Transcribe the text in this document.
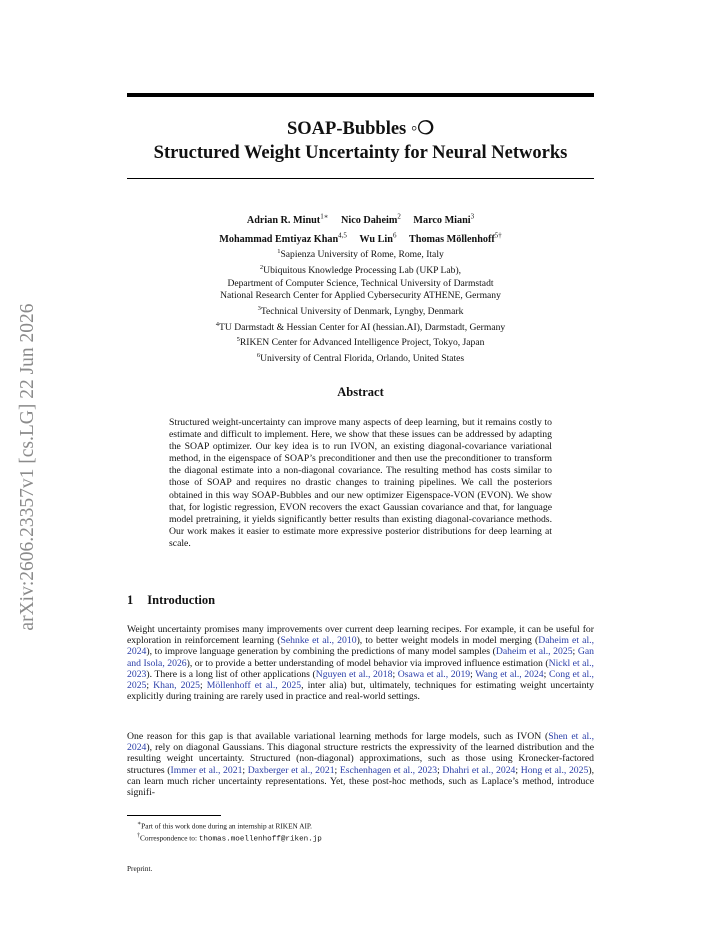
arXiv:2606.23357v1 [cs.LG] 22 Jun 2026
SOAP-Bubbles ◦❍
Structured Weight Uncertainty for Neural Networks
Adrian R. Minut$^{1∗}$ Nico Daheim$^2$ Marco Miani$^3$
Mohammad Emtiyaz Khan$^{4,5}$ Wu Lin$^6$ Thomas Möllenhoff$^{5\dagger}$
$^1$Sapienza University of Rome, Rome, Italy
$^2$Ubiquitous Knowledge Processing Lab (UKP Lab),
Department of Computer Science, Technical University of Darmstadt
National Research Center for Applied Cybersecurity ATHENE, Germany
$^3$Technical University of Denmark, Lyngby, Denmark
$^4$TU Darmstadt & Hessian Center for AI (hessian.AI), Darmstadt, Germany
$^5$RIKEN Center for Advanced Intelligence Project, Tokyo, Japan
$^6$University of Central Florida, Orlando, United States
Abstract
Structured weight-uncertainty can improve many aspects of deep learning, but it remains costly to estimate and difficult to implement. Here, we show that these issues can be addressed by adapting the SOAP optimizer. Our key idea is to run IVON, an existing diagonal-covariance variational method, in the eigenspace of SOAP’s preconditioner and then use the preconditioner to transform the diagonal estimate into a non-diagonal covariance. The resulting method has costs similar to those of SOAP and requires no drastic changes to training pipelines. We call the posteriors obtained in this way SOAP-Bubbles and our new optimizer Eigenspace-VON (EVON). We show that, for logistic regression, EVON recovers the exact Gaussian covariance and that, for language model pretraining, it yields significantly better results than existing diagonal-covariance methods. Our work makes it easier to estimate more expressive posterior distributions for deep learning at scale.
1 Introduction
Weight uncertainty promises many improvements over current deep learning recipes. For example, it can be useful for exploration in reinforcement learning (Sehnke et al., 2010), to better weight models in model merging (Daheim et al., 2024), to improve language generation by combining the predictions of many model samples (Daheim et al., 2025; Gan and Isola, 2026), or to provide a better understanding of model behavior via improved influence estimation (Nickl et al., 2023). There is a long list of other applications (Nguyen et al., 2018; Osawa et al., 2019; Wang et al., 2024; Cong et al., 2025; Khan, 2025; Möllenhoff et al., 2025, inter alia) but, ultimately, techniques for estimating weight uncertainty explicitly during training are rarely used in practice and real-world settings.
One reason for this gap is that available variational learning methods for large models, such as IVON (Shen et al., 2024), rely on diagonal Gaussians. This diagonal structure restricts the expressivity of the learned distribution and the resulting weight uncertainty. Structured (non-diagonal) approximations, such as those using Kronecker-factored structures (Immer et al., 2021; Daxberger et al., 2021; Eschenhagen et al., 2023; Dhahri et al., 2024; Hong et al., 2025), can learn much richer uncertainty representations. Yet, these post-hoc methods, such as Laplace’s method, introduce signifi-
∗Part of this work done during an internship at RIKEN AIP.
†Correspondence to: thomas.moellenhoff@riken.jp
Preprint.
